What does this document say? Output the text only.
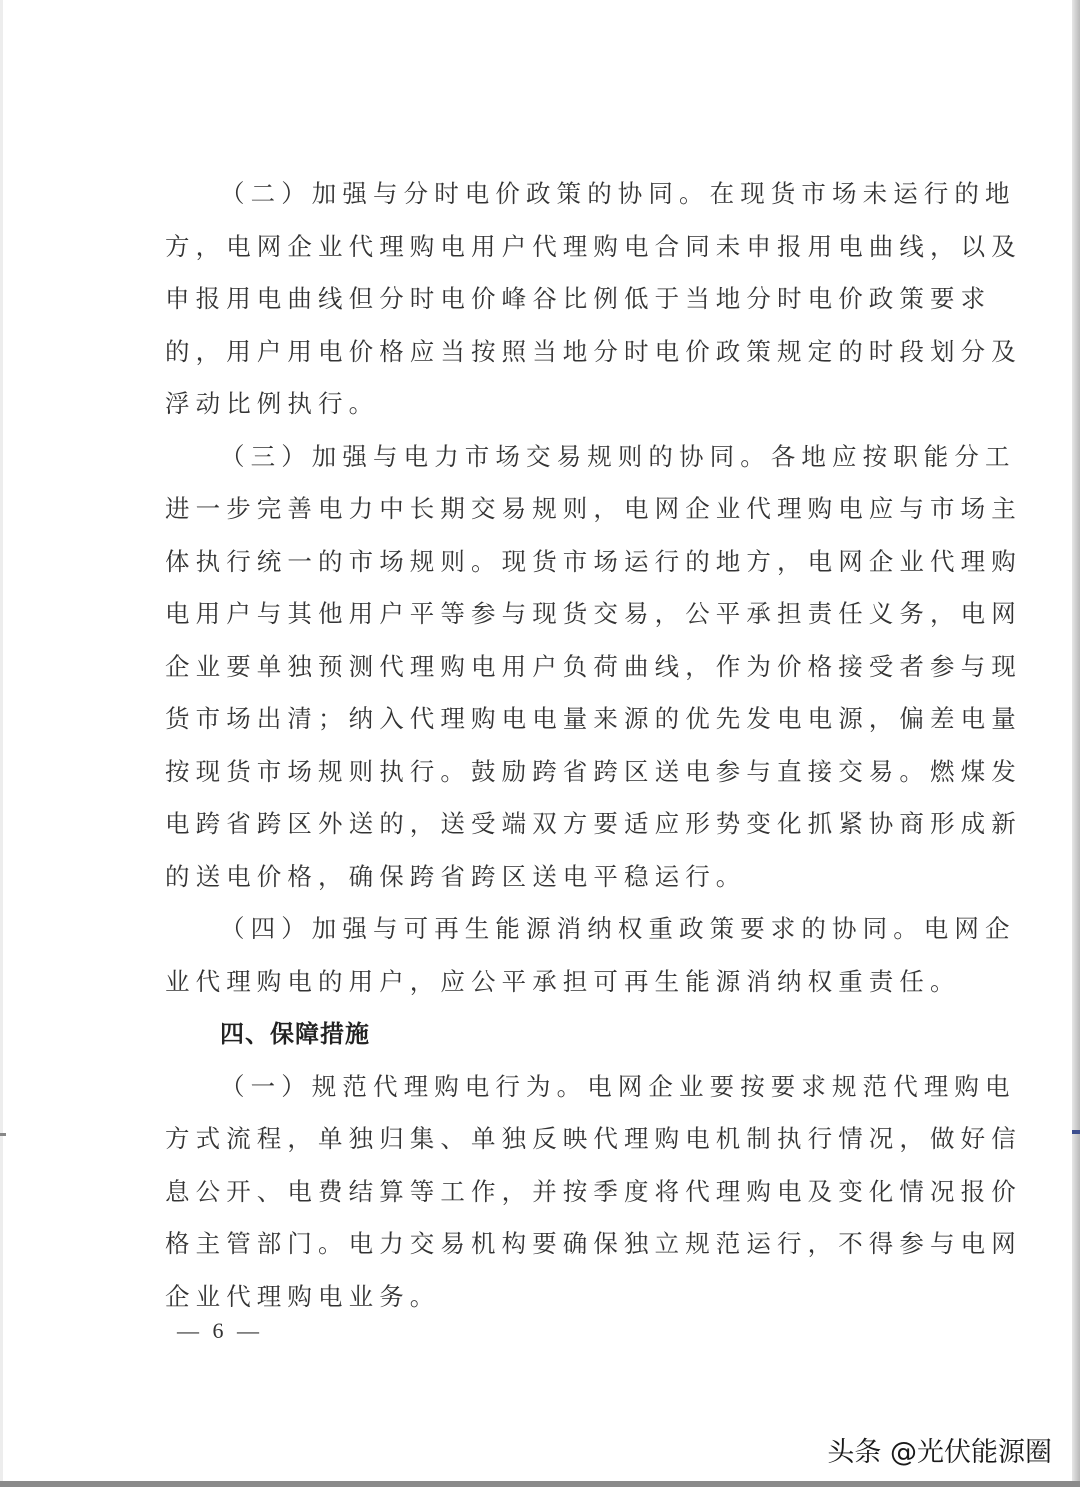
（二）加强与分时电价政策的协同。在现货市场未运行的地
方，电网企业代理购电用户代理购电合同未申报用电曲线，以及
申报用电曲线但分时电价峰谷比例低于当地分时电价政策要求
的，用户用电价格应当按照当地分时电价政策规定的时段划分及
浮动比例执行。
（三）加强与电力市场交易规则的协同。各地应按职能分工
进一步完善电力中长期交易规则，电网企业代理购电应与市场主
体执行统一的市场规则。现货市场运行的地方，电网企业代理购
电用户与其他用户平等参与现货交易，公平承担责任义务，电网
企业要单独预测代理购电用户负荷曲线，作为价格接受者参与现
货市场出清；纳入代理购电电量来源的优先发电电源，偏差电量
按现货市场规则执行。鼓励跨省跨区送电参与直接交易。燃煤发
电跨省跨区外送的，送受端双方要适应形势变化抓紧协商形成新
的送电价格，确保跨省跨区送电平稳运行。
（四）加强与可再生能源消纳权重政策要求的协同。电网企
业代理购电的用户，应公平承担可再生能源消纳权重责任。
四、保障措施
（一）规范代理购电行为。电网企业要按要求规范代理购电
方式流程，单独归集、单独反映代理购电机制执行情况，做好信
息公开、电费结算等工作，并按季度将代理购电及变化情况报价
格主管部门。电力交易机构要确保独立规范运行，不得参与电网
企业代理购电业务。
— 6 —
头条 @光伏能源圈
